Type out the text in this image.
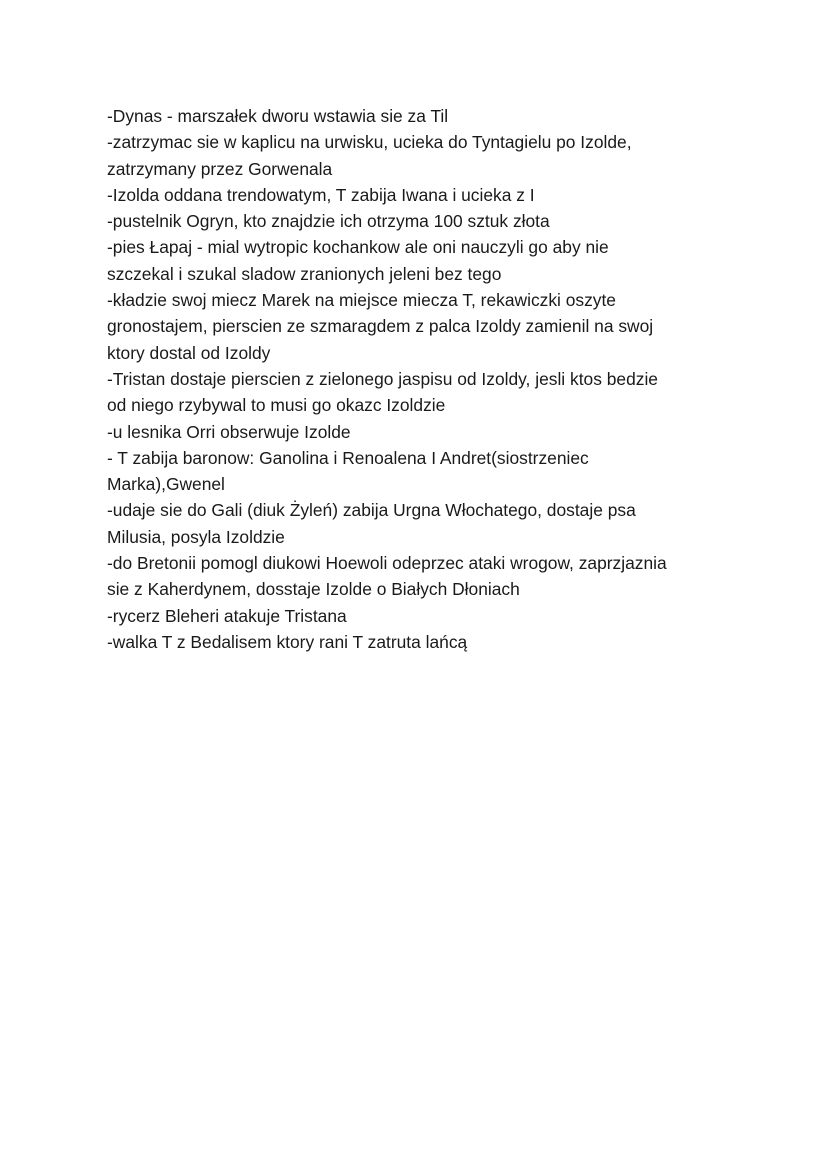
-Dynas - marszałek dworu wstawia sie za Til
-zatrzymac sie w kaplicu na urwisku, ucieka do Tyntagielu po Izolde,
zatrzymany przez Gorwenala
-Izolda oddana trendowatym, T zabija Iwana i ucieka z I
-pustelnik Ogryn, kto znajdzie ich otrzyma 100 sztuk złota
-pies Łapaj - mial wytropic kochankow ale oni nauczyli go aby nie
szczekal i szukal sladow zranionych jeleni bez tego
-kładzie swoj miecz Marek na miejsce miecza T, rekawiczki oszyte
gronostajem, pierscien ze szmaragdem z palca Izoldy zamienil na swoj
ktory dostal od Izoldy
-Tristan dostaje pierscien z zielonego jaspisu od Izoldy, jesli ktos bedzie
od niego rzybywal to musi go okazc Izoldzie
-u lesnika Orri obserwuje Izolde
- T zabija baronow: Ganolina i Renoalena I Andret(siostrzeniec
Marka),Gwenel
-udaje sie do Gali (diuk Żyleń) zabija Urgna Włochatego, dostaje psa
Milusia, posyla Izoldzie
-do Bretonii pomogl diukowi Hoewoli odeprzec ataki wrogow, zaprzjaznia
sie z Kaherdynem, dosstaje Izolde o Białych Dłoniach
-rycerz Bleheri atakuje Tristana
-walka T z Bedalisem ktory rani T zatruta lańcą
